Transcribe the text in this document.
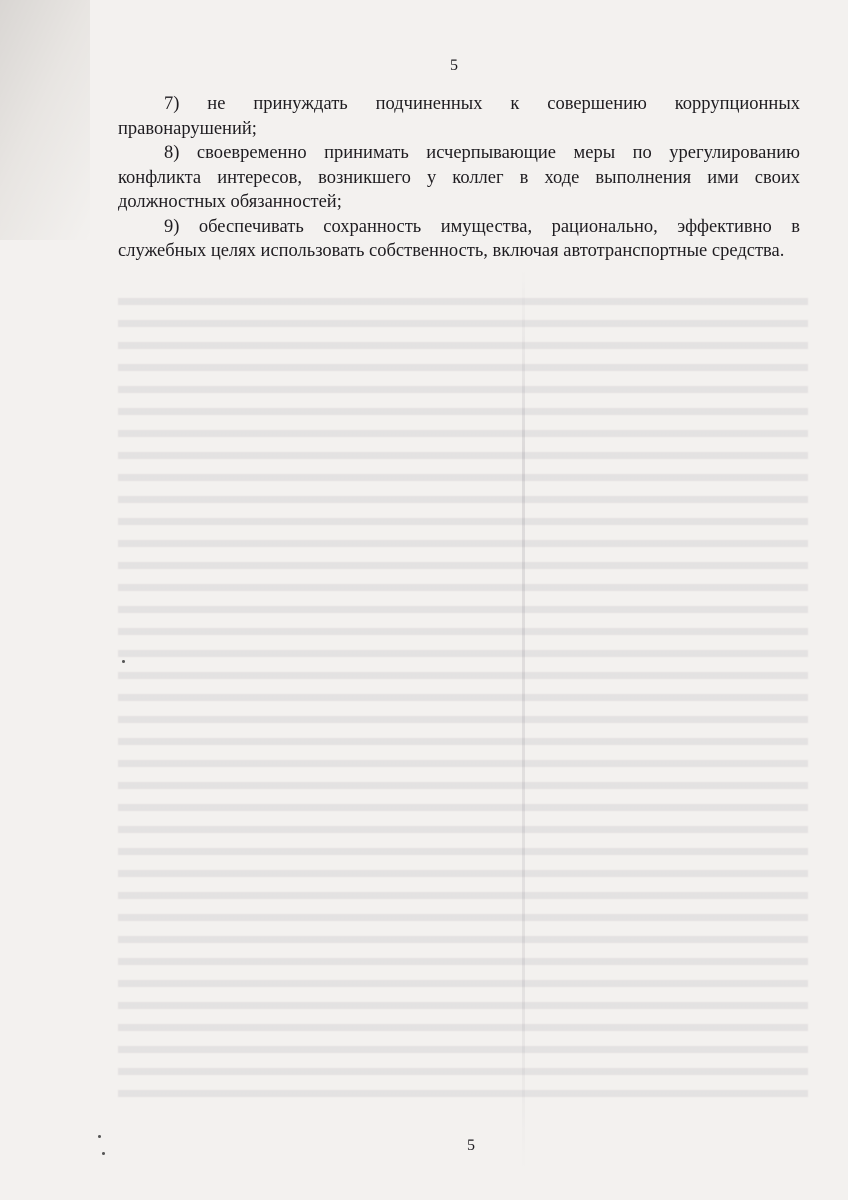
5

7) не принуждать подчиненных к совершению коррупционных правонарушений;

8) своевременно принимать исчерпывающие меры по урегулированию конфликта интересов, возникшего у коллег в ходе выполнения ими своих должностных обязанностей;

9) обеспечивать сохранность имущества, рационально, эффективно в служебных целях использовать собственность, включая автотранспортные средства.

5
